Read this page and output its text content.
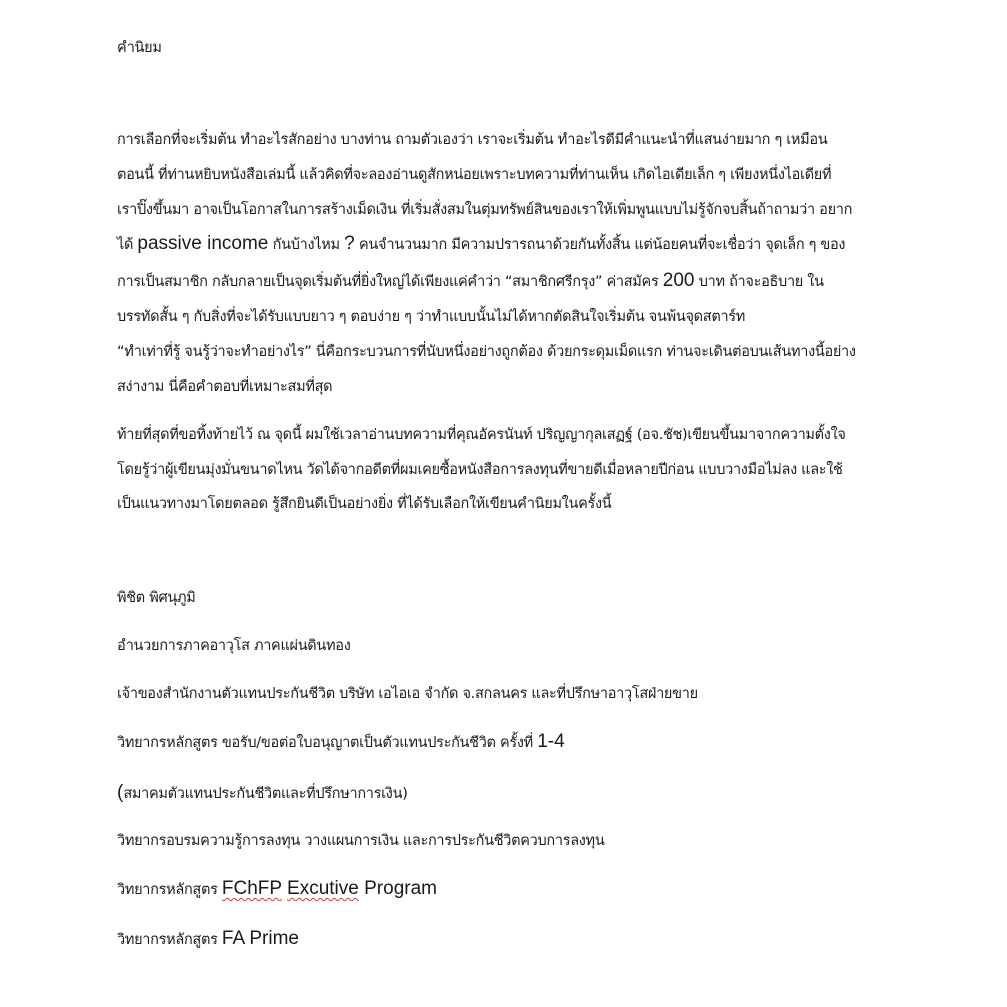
คำนิยม
การเลือกที่จะเริ่มต้น ทำอะไรสักอย่าง บางท่าน ถามตัวเองว่า เราจะเริ่มต้น ทำอะไรดีมีคำแนะนำที่แสนง่ายมาก ๆ เหมือน
ตอนนี้ ที่ท่านหยิบหนังสือเล่มนี้ แล้วคิดที่จะลองอ่านดูสักหน่อยเพราะบทความที่ท่านเห็น เกิดไอเดียเล็ก ๆ เพียงหนึ่งไอเดียที่
เราปิ๊งขึ้นมา อาจเป็นโอกาสในการสร้างเม็ดเงิน ที่เริ่มสั่งสมในตุ่มทรัพย์สินของเราให้เพิ่มพูนแบบไม่รู้จักจบสิ้นถ้าถามว่า อยาก
ได้ passive income กันบ้างไหม ? คนจำนวนมาก มีความปรารถนาด้วยกันทั้งสิ้น แต่น้อยคนที่จะเชื่อว่า จุดเล็ก ๆ ของ
การเป็นสมาชิก กลับกลายเป็นจุดเริ่มต้นที่ยิ่งใหญ่ได้เพียงแค่คำว่า “สมาชิกศรีกรุง” ค่าสมัคร 200 บาท ถ้าจะอธิบาย ใน
บรรทัดสั้น ๆ กับสิ่งที่จะได้รับแบบยาว ๆ ตอบง่าย ๆ ว่าทำแบบนั้นไม่ได้หากตัดสินใจเริ่มต้น จนพ้นจุดสตาร์ท
“ทำเท่าที่รู้ จนรู้ว่าจะทำอย่างไร” นี่คือกระบวนการที่นับหนึ่งอย่างถูกต้อง ด้วยกระดุมเม็ดแรก ท่านจะเดินต่อบนเส้นทางนี้อย่าง
สง่างาม นี่คือคำตอบที่เหมาะสมที่สุด
ท้ายที่สุดที่ขอทิ้งท้ายไว้ ณ จุดนี้ ผมใช้เวลาอ่านบทความที่คุณอัครนันท์ ปริญญากุลเสฏฐ์ (อจ.ชัช)เขียนขึ้นมาจากความตั้งใจ
โดยรู้ว่าผู้เขียนมุ่งมั่นขนาดไหน วัดได้จากอดีตที่ผมเคยซื้อหนังสือการลงทุนที่ขายดีเมื่อหลายปีก่อน แบบวางมือไม่ลง และใช้
เป็นแนวทางมาโดยตลอด รู้สึกยินดีเป็นอย่างยิ่ง ที่ได้รับเลือกให้เขียนคำนิยมในครั้งนี้
พิชิต พิศนุภูมิ
อำนวยการภาคอาวุโส ภาคแผ่นดินทอง
เจ้าของสำนักงานตัวแทนประกันชีวิต บริษัท เอไอเอ จำกัด จ.สกลนคร และที่ปรึกษาอาวุโสฝ่ายขาย
วิทยากรหลักสูตร ขอรับ/ขอต่อใบอนุญาตเป็นตัวแทนประกันชีวิต ครั้งที่ 1-4
(สมาคมตัวแทนประกันชีวิตและที่ปรึกษาการเงิน)
วิทยากรอบรมความรู้การลงทุน วางแผนการเงิน และการประกันชีวิตควบการลงทุน
วิทยากรหลักสูตร FChFP Excutive Program
วิทยากรหลักสูตร FA Prime
